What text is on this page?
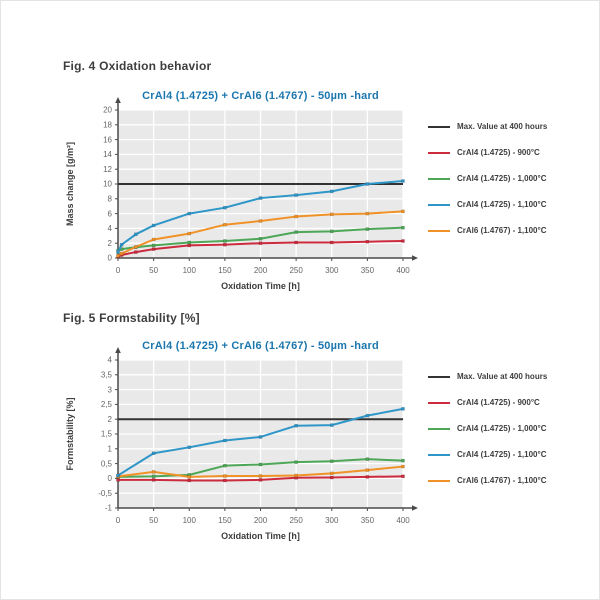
Fig. 4 Oxidation behavior
CrAl4 (1.4725) + CrAl6 (1.4767) - 50µm -hard
0
2
4
6
8
10
12
14
16
18
20
0	50	100	150	200	250	300	350	400
Mass change [g/m²]
Oxidation Time [h]
Max. Value at 400 hours
CrAl4 (1.4725) - 900°C
CrAl4 (1.4725) - 1,000°C
CrAl4 (1.4725) - 1,100°C
CrAl6 (1.4767) - 1,100°C
Fig. 5 Formstability [%]
CrAl4 (1.4725) + CrAl6 (1.4767) - 50µm -hard
-1
-0,5
0
0,5
1
1,5
2
2,5
3
3,5
4
0	50	100	150	200	250	300	350	400
Formstability [%]
Oxidation Time [h]
Max. Value at 400 hours
CrAl4 (1.4725) - 900°C
CrAl4 (1.4725) - 1,000°C
CrAl4 (1.4725) - 1,100°C
CrAl6 (1.4767) - 1,100°C
